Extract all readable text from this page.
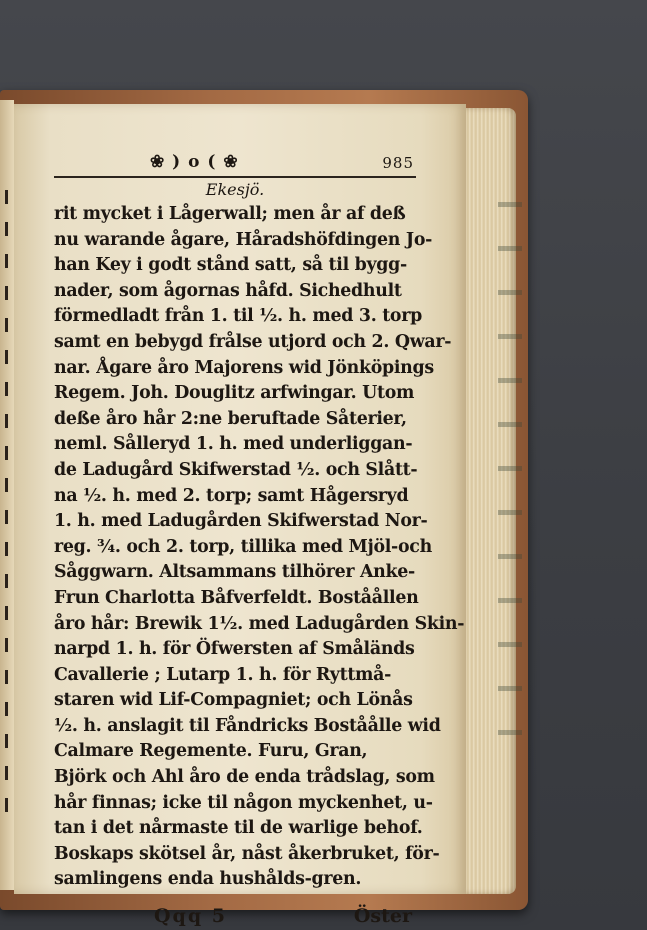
❀ ) o ( ❀	985
Ekesjö.
rit mycket i Lågerwall; men år af deß
nu warande ågare, Håradshöfdingen Jo-
han Key i godt stånd satt, så til bygg-
nader, som ågornas håfd. Sichedhult
förmedladt från 1. til ½. h. med 3. torp
samt en bebygd frålse utjord och 2. Qwar-
nar. Ågare åro Majorens wid Jönköpings
Regem. Joh. Douglitz arfwingar. Utom
deße åro hår 2:ne beruftade Såterier,
neml. Sålleryd 1. h. med underliggan-
de Ladugård Skifwerstad ½. och Slått-
na ½. h. med 2. torp; samt Hågersryd
1. h. med Ladugården Skifwerstad Nor-
reg. ¾. och 2. torp, tillika med Mjöl-och
Såggwarn. Altsammans tilhörer Anke-
Frun Charlotta Båfverfeldt. Boståållen
åro hår: Brewik 1½. med Ladugården Skin-
narpd 1. h. för Öfwersten af Småländs
Cavallerie ; Lutarp 1. h. för Ryttmå-
staren wid Lif-Compagniet; och Lönås
½. h. anslagit til Fåndricks Boståålle wid
Calmare Regemente. Furu, Gran,
Björk och Ahl åro de enda trådslag, som
hår finnas; icke til någon myckenhet, u-
tan i det nårmaste til de warlige behof.
Boskaps skötsel år, nåst åkerbruket, för-
samlingens enda hushålds-gren.
Qqq 5	Öster
